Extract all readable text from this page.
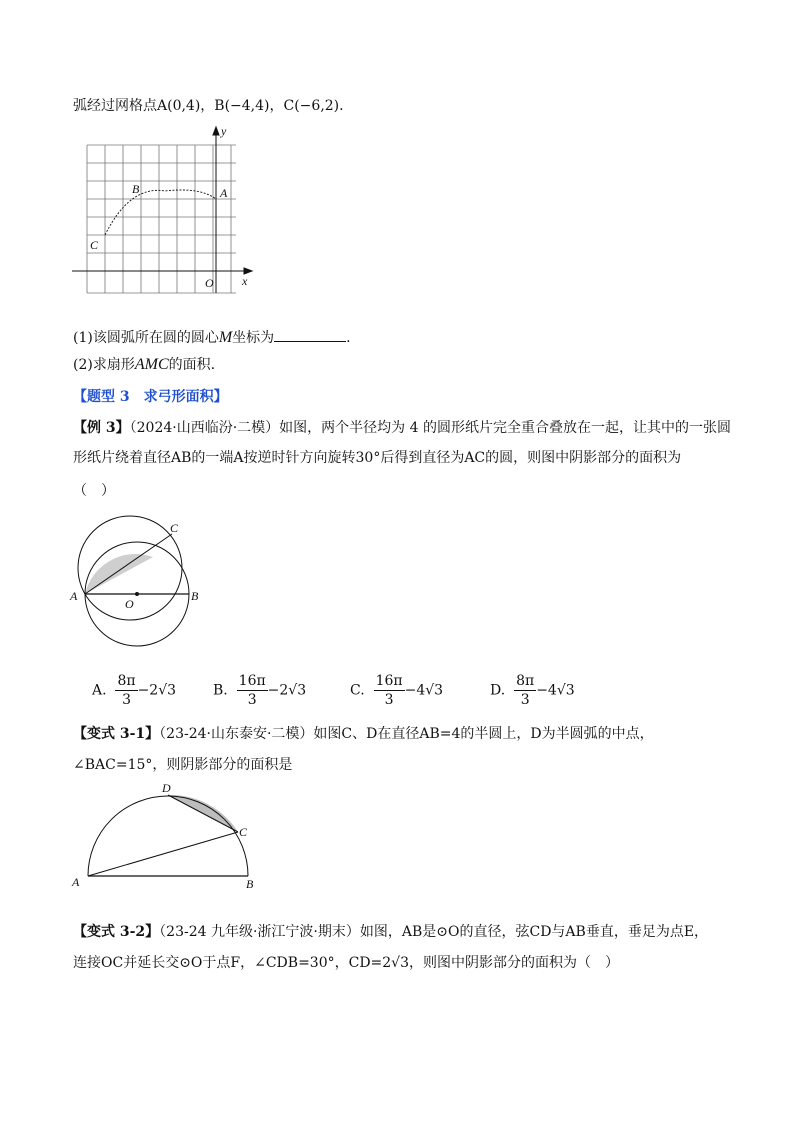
弧经过网格点A(0,4)，B(−4,4)，C(−6,2).
y
x
O
A
B
C
(1)该圆弧所在圆的圆心M坐标为	.
(2)求扇形AMC的面积.
【题型 3　求弓形面积】
【例 3】（2024·山西临汾·二模）如图，两个半径均为 4 的圆形纸片完全重合叠放在一起，让其中的一张圆
形纸片绕着直径AB的一端A按逆时针方向旋转30°后得到直径为AC的圆，则图中阴影部分的面积为
（　）
A	B
C
O
A. $\frac{8\pi}{3} -2√3$	B. $\frac{16\pi}{3} -2√3$	C. $\frac{16\pi}{3} -4√3$	D. $\frac{8\pi}{3} -4√3$
【变式 3-1】（23-24·山东泰安·二模）如图C、D在直径AB=4的半圆上，D为半圆弧的中点，
∠BAC=15°，则阴影部分的面积是
A	B
C
D
【变式 3-2】（23-24 九年级·浙江宁波·期末）如图，AB是⊙O的直径，弦CD与AB垂直，垂足为点E，
连接OC并延长交⊙O于点F，∠CDB=30°，CD=2√3，则图中阴影部分的面积为（　）
